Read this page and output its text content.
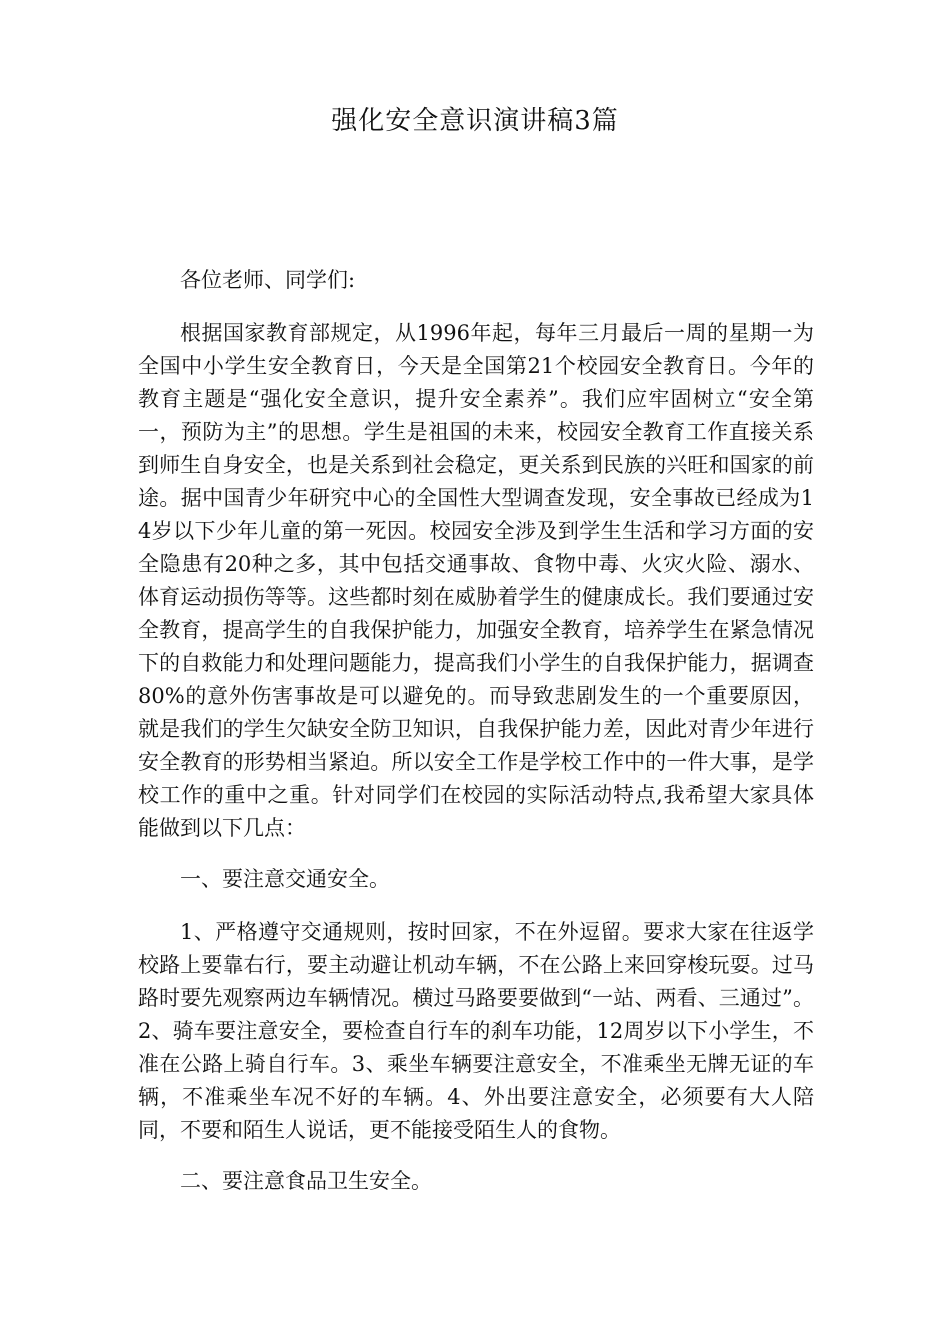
强化安全意识演讲稿3篇

各位老师、同学们:

根据国家教育部规定，从1996年起，每年三月最后一周的星期一为全国中小学生安全教育日，今天是全国第21个校园安全教育日。今年的教育主题是“强化安全意识，提升安全素养”。我们应牢固树立“安全第一，预防为主”的思想。学生是祖国的未来，校园安全教育工作直接关系到师生自身安全，也是关系到社会稳定，更关系到民族的兴旺和国家的前途。据中国青少年研究中心的全国性大型调查发现，安全事故已经成为14岁以下少年儿童的第一死因。校园安全涉及到学生生活和学习方面的安全隐患有20种之多，其中包括交通事故、食物中毒、火灾火险、溺水、体育运动损伤等等。这些都时刻在威胁着学生的健康成长。我们要通过安全教育，提高学生的自我保护能力，加强安全教育，培养学生在紧急情况下的自救能力和处理问题能力，提高我们小学生的自我保护能力，据调查80%的意外伤害事故是可以避免的。而导致悲剧发生的一个重要原因，就是我们的学生欠缺安全防卫知识，自我保护能力差，因此对青少年进行安全教育的形势相当紧迫。所以安全工作是学校工作中的一件大事，是学校工作的重中之重。针对同学们在校园的实际活动特点,我希望大家具体能做到以下几点：

一、要注意交通安全。

1、严格遵守交通规则，按时回家，不在外逗留。要求大家在往返学校路上要靠右行，要主动避让机动车辆，不在公路上来回穿梭玩耍。过马路时要先观察两边车辆情况。横过马路要要做到“一站、两看、三通过”。2、骑车要注意安全，要检查自行车的刹车功能，12周岁以下小学生，不准在公路上骑自行车。3、乘坐车辆要注意安全，不准乘坐无牌无证的车辆，不准乘坐车况不好的车辆。4、外出要注意安全，必须要有大人陪同，不要和陌生人说话，更不能接受陌生人的食物。

二、要注意食品卫生安全。
